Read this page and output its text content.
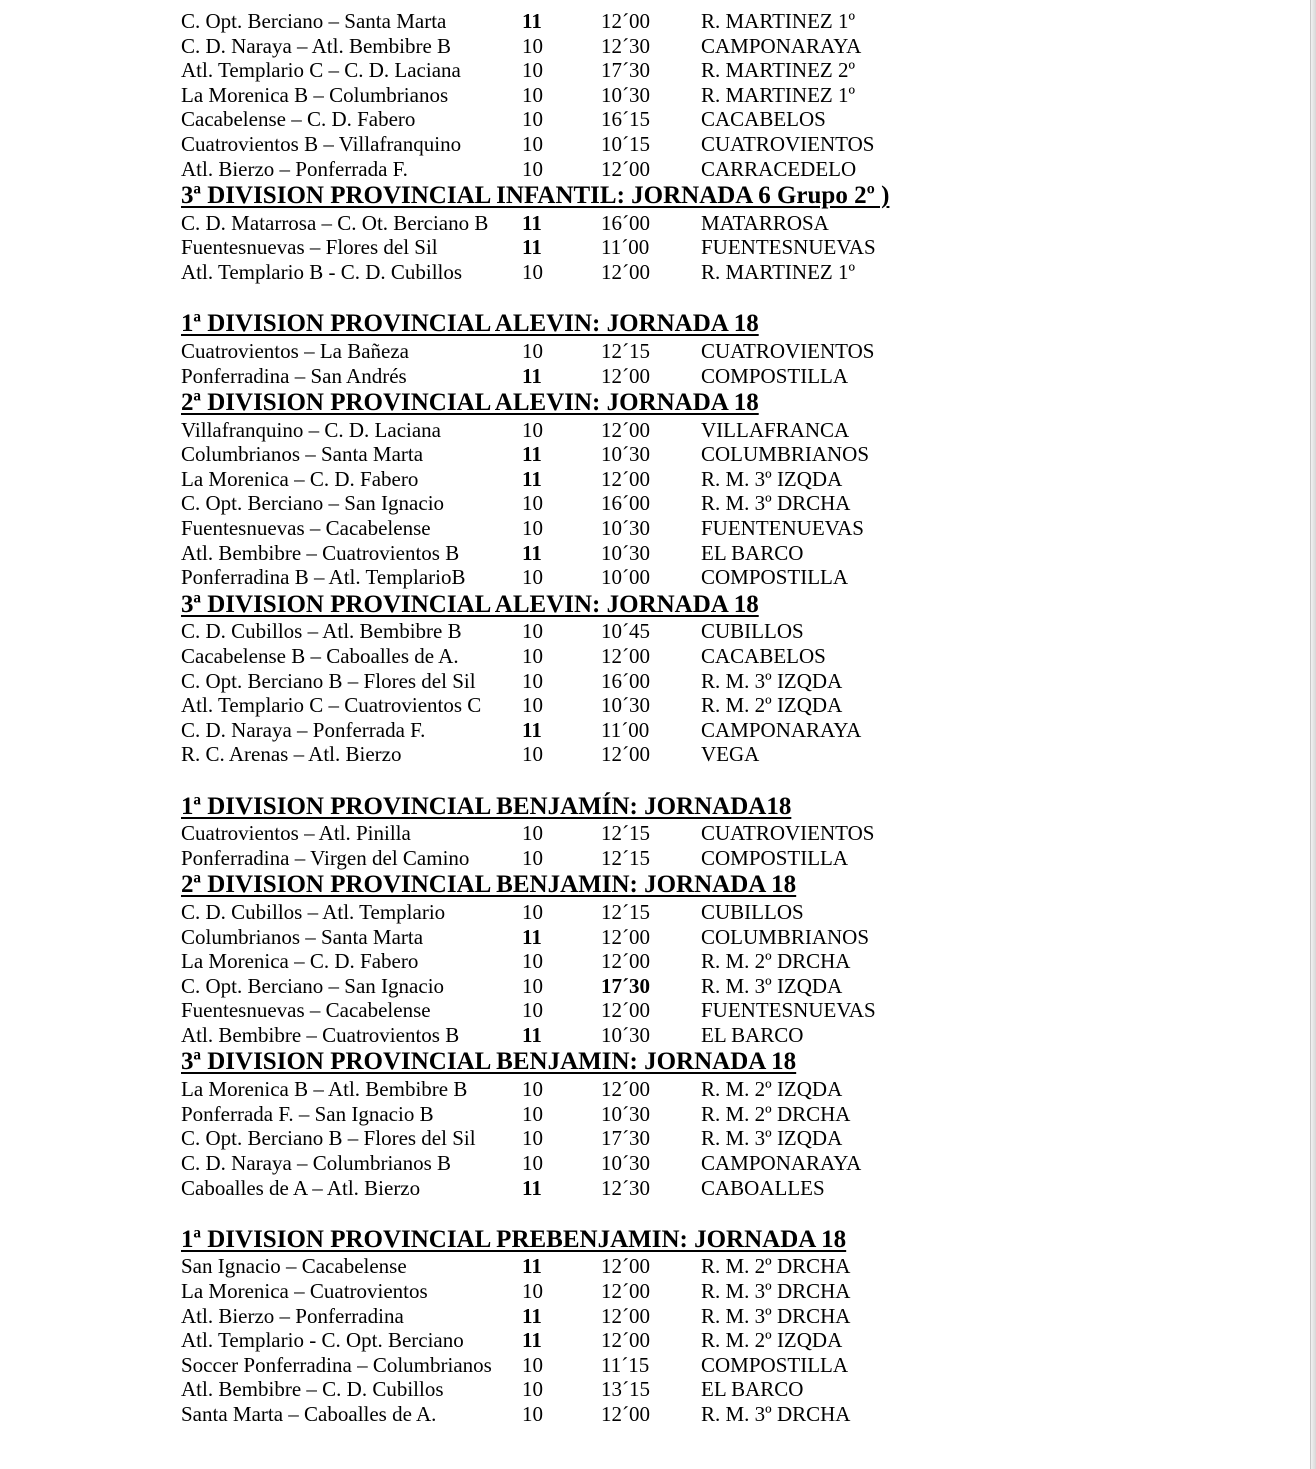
C. Opt. Berciano – Santa Marta	11	12´00 R. MARTINEZ 1º
C. D. Naraya – Atl. Bembibre B	10	12´30 CAMPONARAYA
Atl. Templario C – C. D. Laciana	10	17´30 R. MARTINEZ 2º
La Morenica B – Columbrianos	10	10´30 R. MARTINEZ 1º
Cacabelense – C. D. Fabero	10	16´15 CACABELOS
Cuatrovientos B – Villafranquino	10	10´15 CUATROVIENTOS
Atl. Bierzo – Ponferrada F.	10	12´00 CARRACEDELO
3ª DIVISION PROVINCIAL INFANTIL: JORNADA 6 Grupo 2º )
C. D. Matarrosa – C. Ot. Berciano B 11	16´00 MATARROSA
Fuentesnuevas – Flores del Sil	11	11´00 FUENTESNUEVAS
Atl. Templario B - C. D. Cubillos	10	12´00 R. MARTINEZ 1º
1ª DIVISION PROVINCIAL ALEVIN: JORNADA 18
Cuatrovientos – La Bañeza	10	12´15 CUATROVIENTOS
Ponferradina – San Andrés	11	12´00 COMPOSTILLA
2ª DIVISION PROVINCIAL ALEVIN: JORNADA 18
Villafranquino – C. D. Laciana	10	12´00 VILLAFRANCA
Columbrianos – Santa Marta	11	10´30 COLUMBRIANOS
La Morenica – C. D. Fabero	11	12´00 R. M. 3º IZQDA
C. Opt. Berciano – San Ignacio	10	16´00 R. M. 3º DRCHA
Fuentesnuevas – Cacabelense	10	10´30 FUENTENUEVAS
Atl. Bembibre – Cuatrovientos B	11	10´30 EL BARCO
Ponferradina B – Atl. TemplarioB	10	10´00 COMPOSTILLA
3ª DIVISION PROVINCIAL ALEVIN: JORNADA 18
C. D. Cubillos – Atl. Bembibre B	10	10´45 CUBILLOS
Cacabelense B – Caboalles de A.	10	12´00 CACABELOS
C. Opt. Berciano B – Flores del Sil 10	16´00 R. M. 3º IZQDA
Atl. Templario C – Cuatrovientos C 10	10´30 R. M. 2º IZQDA
C. D. Naraya – Ponferrada F.	11	11´00 CAMPONARAYA
R. C. Arenas – Atl. Bierzo	10	12´00 VEGA
1ª DIVISION PROVINCIAL BENJAMÍN: JORNADA18
Cuatrovientos – Atl. Pinilla	10	12´15 CUATROVIENTOS
Ponferradina – Virgen del Camino	10	12´15 COMPOSTILLA
2ª DIVISION PROVINCIAL BENJAMIN: JORNADA 18
C. D. Cubillos – Atl. Templario	10	12´15 CUBILLOS
Columbrianos – Santa Marta	11	12´00 COLUMBRIANOS
La Morenica – C. D. Fabero	10	12´00 R. M. 2º DRCHA
C. Opt. Berciano – San Ignacio	10	17´30 R. M. 3º IZQDA
Fuentesnuevas – Cacabelense	10	12´00 FUENTESNUEVAS
Atl. Bembibre – Cuatrovientos B	11	10´30 EL BARCO
3ª DIVISION PROVINCIAL BENJAMIN: JORNADA 18
La Morenica B – Atl. Bembibre B	10	12´00 R. M. 2º IZQDA
Ponferrada F. – San Ignacio B	10	10´30 R. M. 2º DRCHA
C. Opt. Berciano B – Flores del Sil 10	17´30 R. M. 3º IZQDA
C. D. Naraya – Columbrianos B	10	10´30 CAMPONARAYA
Caboalles de A – Atl. Bierzo	11	12´30 CABOALLES
1ª DIVISION PROVINCIAL PREBENJAMIN: JORNADA 18
San Ignacio – Cacabelense	11	12´00 R. M. 2º DRCHA
La Morenica – Cuatrovientos	10	12´00 R. M. 3º DRCHA
Atl. Bierzo – Ponferradina	11	12´00 R. M. 3º DRCHA
Atl. Templario - C. Opt. Berciano	11	12´00 R. M. 2º IZQDA
Soccer Ponferradina – Columbrianos 10	11´15 COMPOSTILLA
Atl. Bembibre – C. D. Cubillos	10	13´15 EL BARCO
Santa Marta – Caboalles de A.	10	12´00 R. M. 3º DRCHA
